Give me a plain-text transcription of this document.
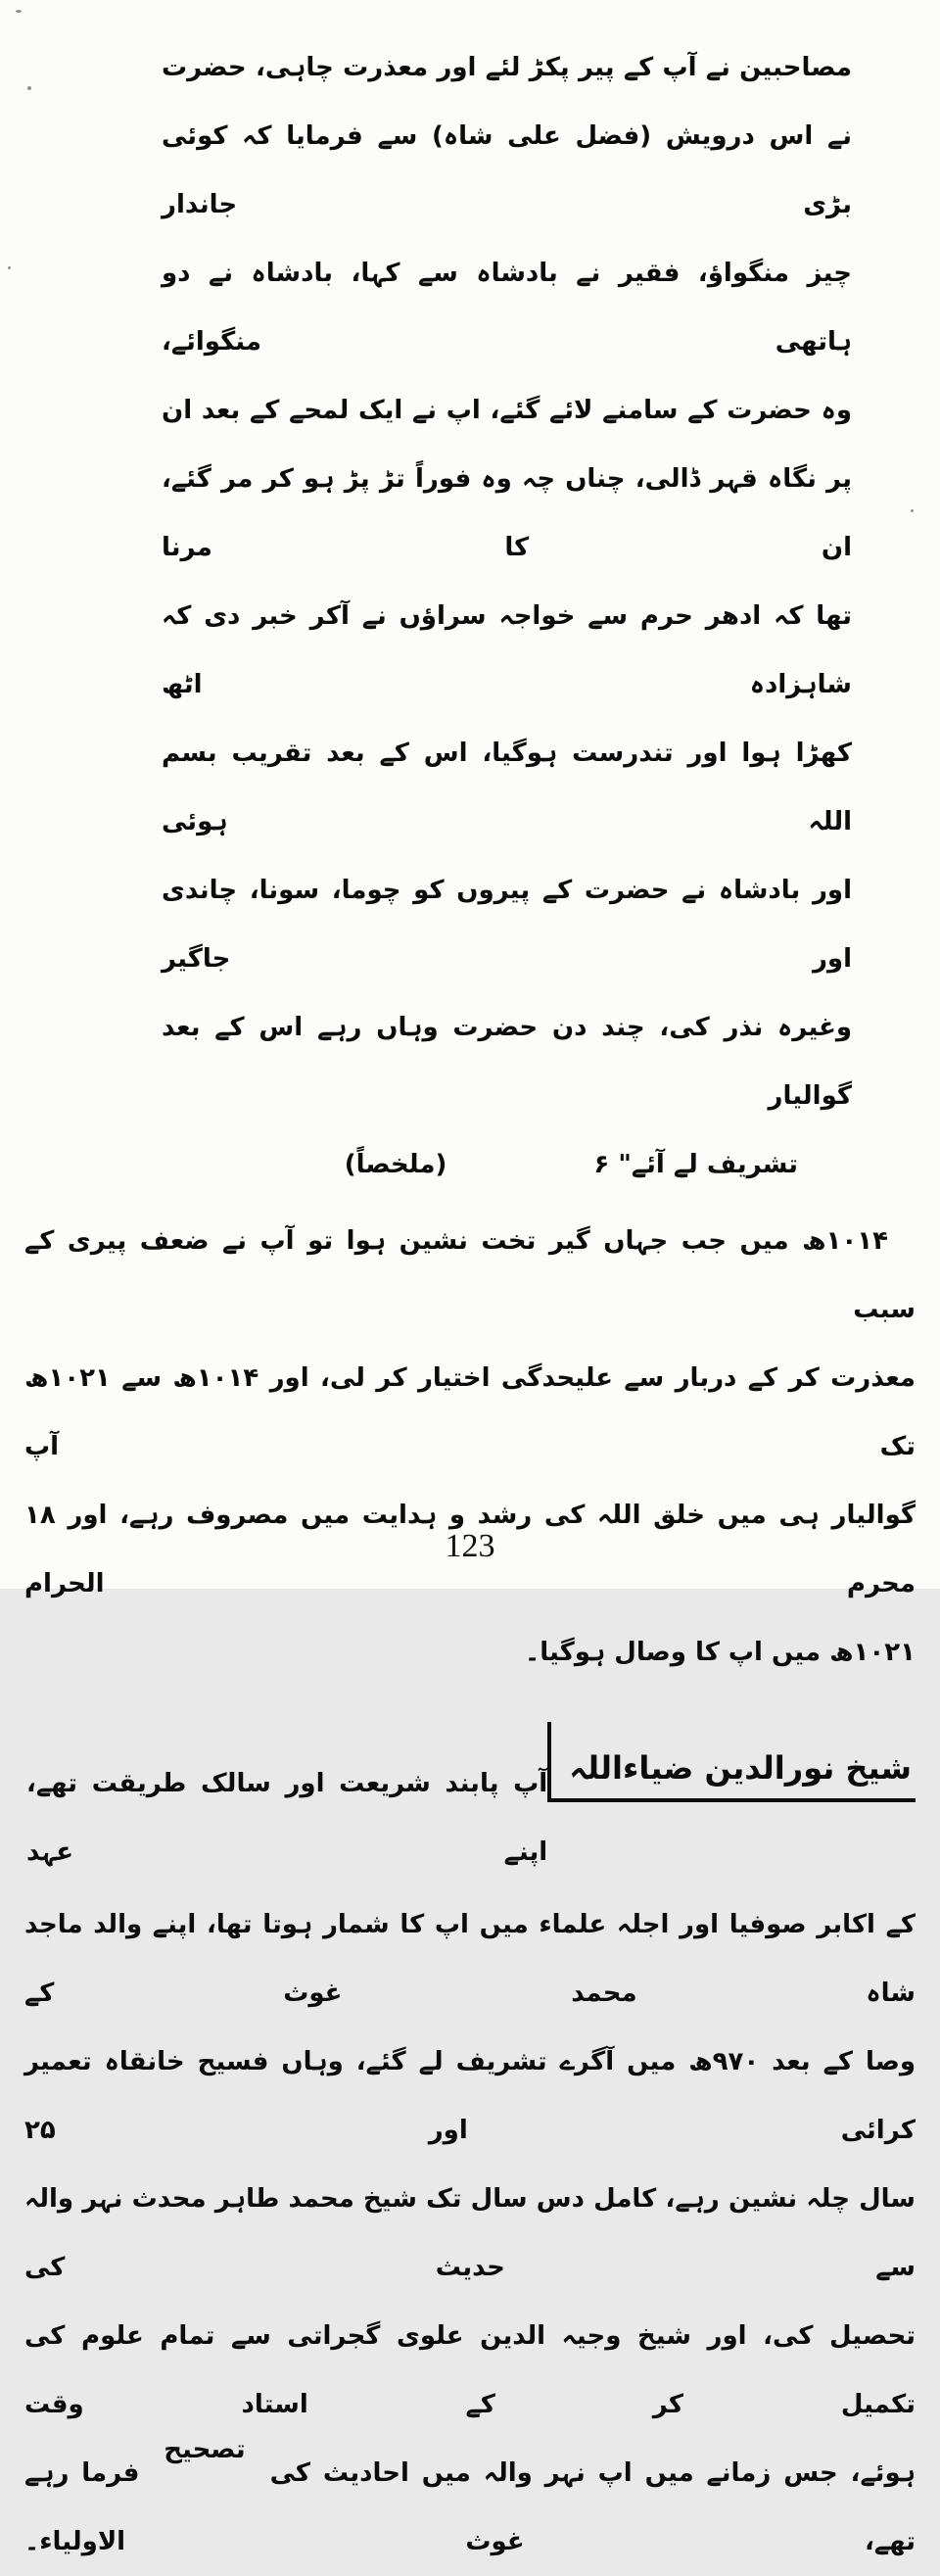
مصاحبین نے آپ کے پیر پکڑ لئے اور معذرت چاہی، حضرت
نے اس درویش (فضل علی شاہ) سے فرمایا کہ کوئی بڑی جاندار
چیز منگواؤ، فقیر نے بادشاہ سے کہا، بادشاہ نے دو ہاتھی منگوائے،
وہ حضرت کے سامنے لائے گئے، اپ نے ایک لمحے کے بعد ان
پر نگاہ قہر ڈالی، چناں چہ وہ فوراً تڑ پڑ ہو کر مر گئے، ان کا مرنا
تھا کہ ادھر حرم سے خواجہ سراؤں نے آکر خبر دی کہ شاہزادہ اٹھ
کھڑا ہوا اور تندرست ہوگیا، اس کے بعد تقریب بسم اللہ ہوئی
اور بادشاہ نے حضرت کے پیروں کو چوما، سونا، چاندی اور جاگیر
وغیرہ نذر کی، چند دن حضرت وہاں رہے اس کے بعد گوالیار
تشریف لے آئے" ۶
(ملخصاً)
۱۰۱۴ھ میں جب جہاں گیر تخت نشین ہوا تو آپ نے ضعف پیری کے سبب
معذرت کر کے دربار سے علیحدگی اختیار کر لی، اور ۱۰۱۴ھ سے ۱۰۲۱ھ تک آپ
گوالیار ہی میں خلق اللہ کی رشد و ہدایت میں مصروف رہے، اور ۱۸ محرم الحرام
۱۰۲۱ھ میں اپ کا وصال ہوگیا۔
شیخ نورالدین ضیاءاللہ
آپ پابند شریعت اور سالک طریقت تھے، اپنے عہد
کے اکابر صوفیا اور اجلہ علماء میں اپ کا شمار ہوتا تھا، اپنے والد ماجد شاہ محمد غوث کے
وصا کے بعد ۹۷۰ھ میں آگرے تشریف لے گئے، وہاں فسیح خانقاہ تعمیر کرائی اور ۲۵
سال چلہ نشین رہے، کامل دس سال تک شیخ محمد طاہر محدث نہر والہ سے حدیث کی
تحصیل کی، اور شیخ وجیہ الدین علوی گجراتی سے تمام علوم کی تکمیل کر کے استاد وقت
ہوئے، جس زمانے میں اپ نہر والہ میں احادیث کی تصحیح فرما رہے تھے، غوث الاولیاء۔
123
